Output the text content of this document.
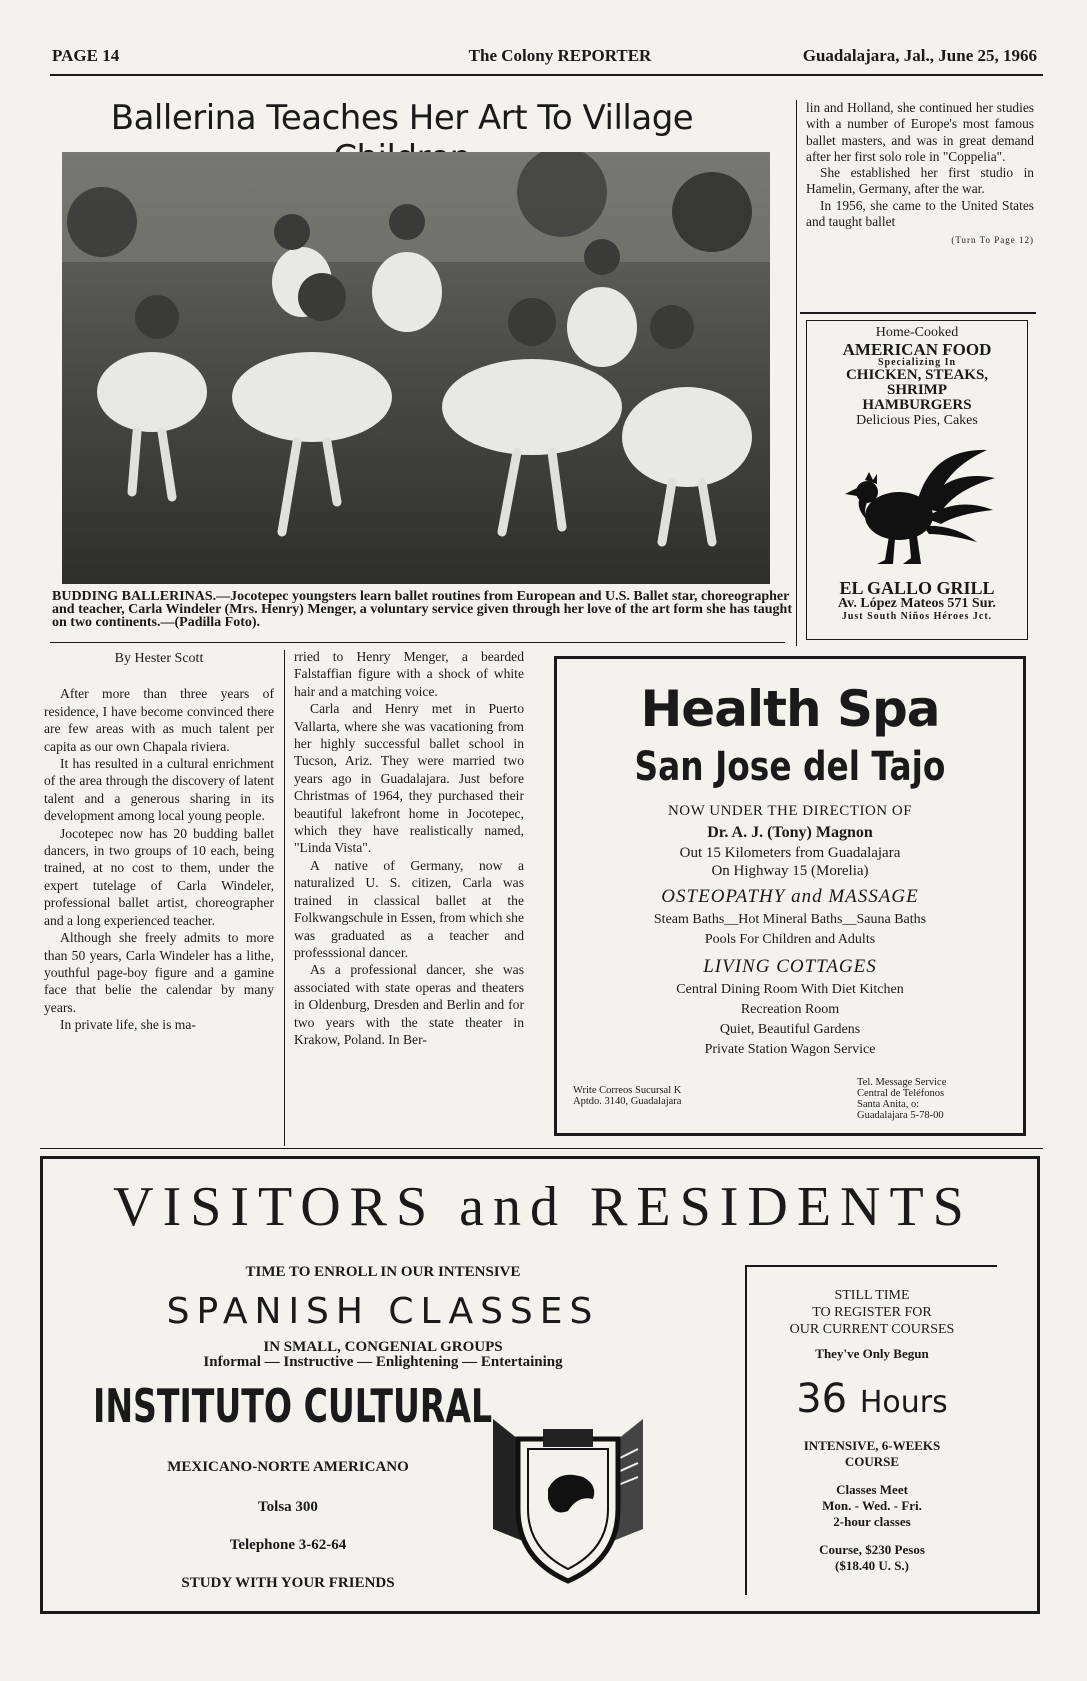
PAGE 14	The Colony REPORTER	Guadalajara, Jal., June 25, 1966
Ballerina Teaches Her Art To Village
BUDDING BALLERINAS.—Jocotepec youngsters learn ballet routines from European and U.S. Ballet star, choreographer and teacher, Carla Windeler (Mrs. Henry) Menger, a voluntary service given through her love of the art form she has taught on two continents.—(Padilla Foto).
By Hester Scott

After more than three years of residence, I have become convinced there are few areas with as much talent per capita as our own Chapala riviera.

It has resulted in a cultural enrichment of the area through the discovery of latent talent and a generous sharing in its development among local young people.

Jocotepec now has 20 budding ballet dancers, in two groups of 10 each, being trained, at no cost to them, under the expert tutelage of Carla Windeler, professional ballet artist, choreographer and a long experienced teacher.

Although she freely admits to more than 50 years, Carla Windeler has a lithe, youthful page-boy figure and a gamine face that belie the calendar by many years.

In private life, she is ma-

rried to Henry Menger, a bearded Falstaffian figure with a shock of white hair and a matching voice.

Carla and Henry met in Puerto Vallarta, where she was vacationing from her highly successful ballet school in Tucson, Ariz. They were married two years ago in Guadalajara. Just before Christmas of 1964, they purchased their beautiful lakefront home in Jocotepec, which they have realistically named, "Linda Vista".

A native of Germany, now a naturalized U. S. citizen, Carla was trained in classical ballet at the Folkwangschule in Essen, from which she was graduated as a teacher and professsional dancer.

As a professional dancer, she was associated with state operas and theaters in Oldenburg, Dresden and Berlin and for two years with the state theater in Krakow, Poland. In Ber-

lin and Holland, she continued her studies with a number of Europe's most famous ballet masters, and was in great demand after her first solo role in "Coppelia".

She established her first studio in Hamelin, Germany, after the war.

In 1956, she came to the United States and taught ballet

(Turn To Page 12)
Home-Cooked
AMERICAN FOOD
Specializing In
CHICKEN, STEAKS,
SHRIMP
HAMBURGERS
Delicious Pies, Cakes
EL GALLO GRILL
Av. López Mateos 571 Sur.
Just South Niños Héroes Jct.
Health Spa
San Jose del Tajo
NOW UNDER THE DIRECTION OF
Dr. A. J. (Tony) Magnon
Out 15 Kilometers from Guadalajara
On Highway 15 (Morelia)
OSTEOPATHY and MASSAGE
Steam Baths__Hot Mineral Baths__Sauna Baths
Pools For Children and Adults
LIVING COTTAGES
Central Dining Room With Diet Kitchen
Recreation Room
Quiet, Beautiful Gardens
Private Station Wagon Service
Write Correos Sucursal K
Aptdo. 3140, Guadalajara
Tel. Message Service
Central de Teléfonos
Santa Anita, o:
Guadalajara 5-78-00
VISITORS and RESIDENTS
TIME TO ENROLL IN OUR INTENSIVE
SPANISH CLASSES
IN SMALL, CONGENIAL GROUPS
Informal — Instructive — Enlightening — Entertaining
INSTITUTO CULTURAL
MEXICANO-NORTE AMERICANO
Tolsa 300
Telephone 3-62-64
STUDY WITH YOUR FRIENDS
STILL TIME
TO REGISTER FOR
OUR CURRENT COURSES
They've Only Begun
36 Hours
INTENSIVE, 6-WEEKS
COURSE
Classes Meet
Mon. - Wed. - Fri.
2-hour classes
Course, $230 Pesos
($18.40 U. S.)
